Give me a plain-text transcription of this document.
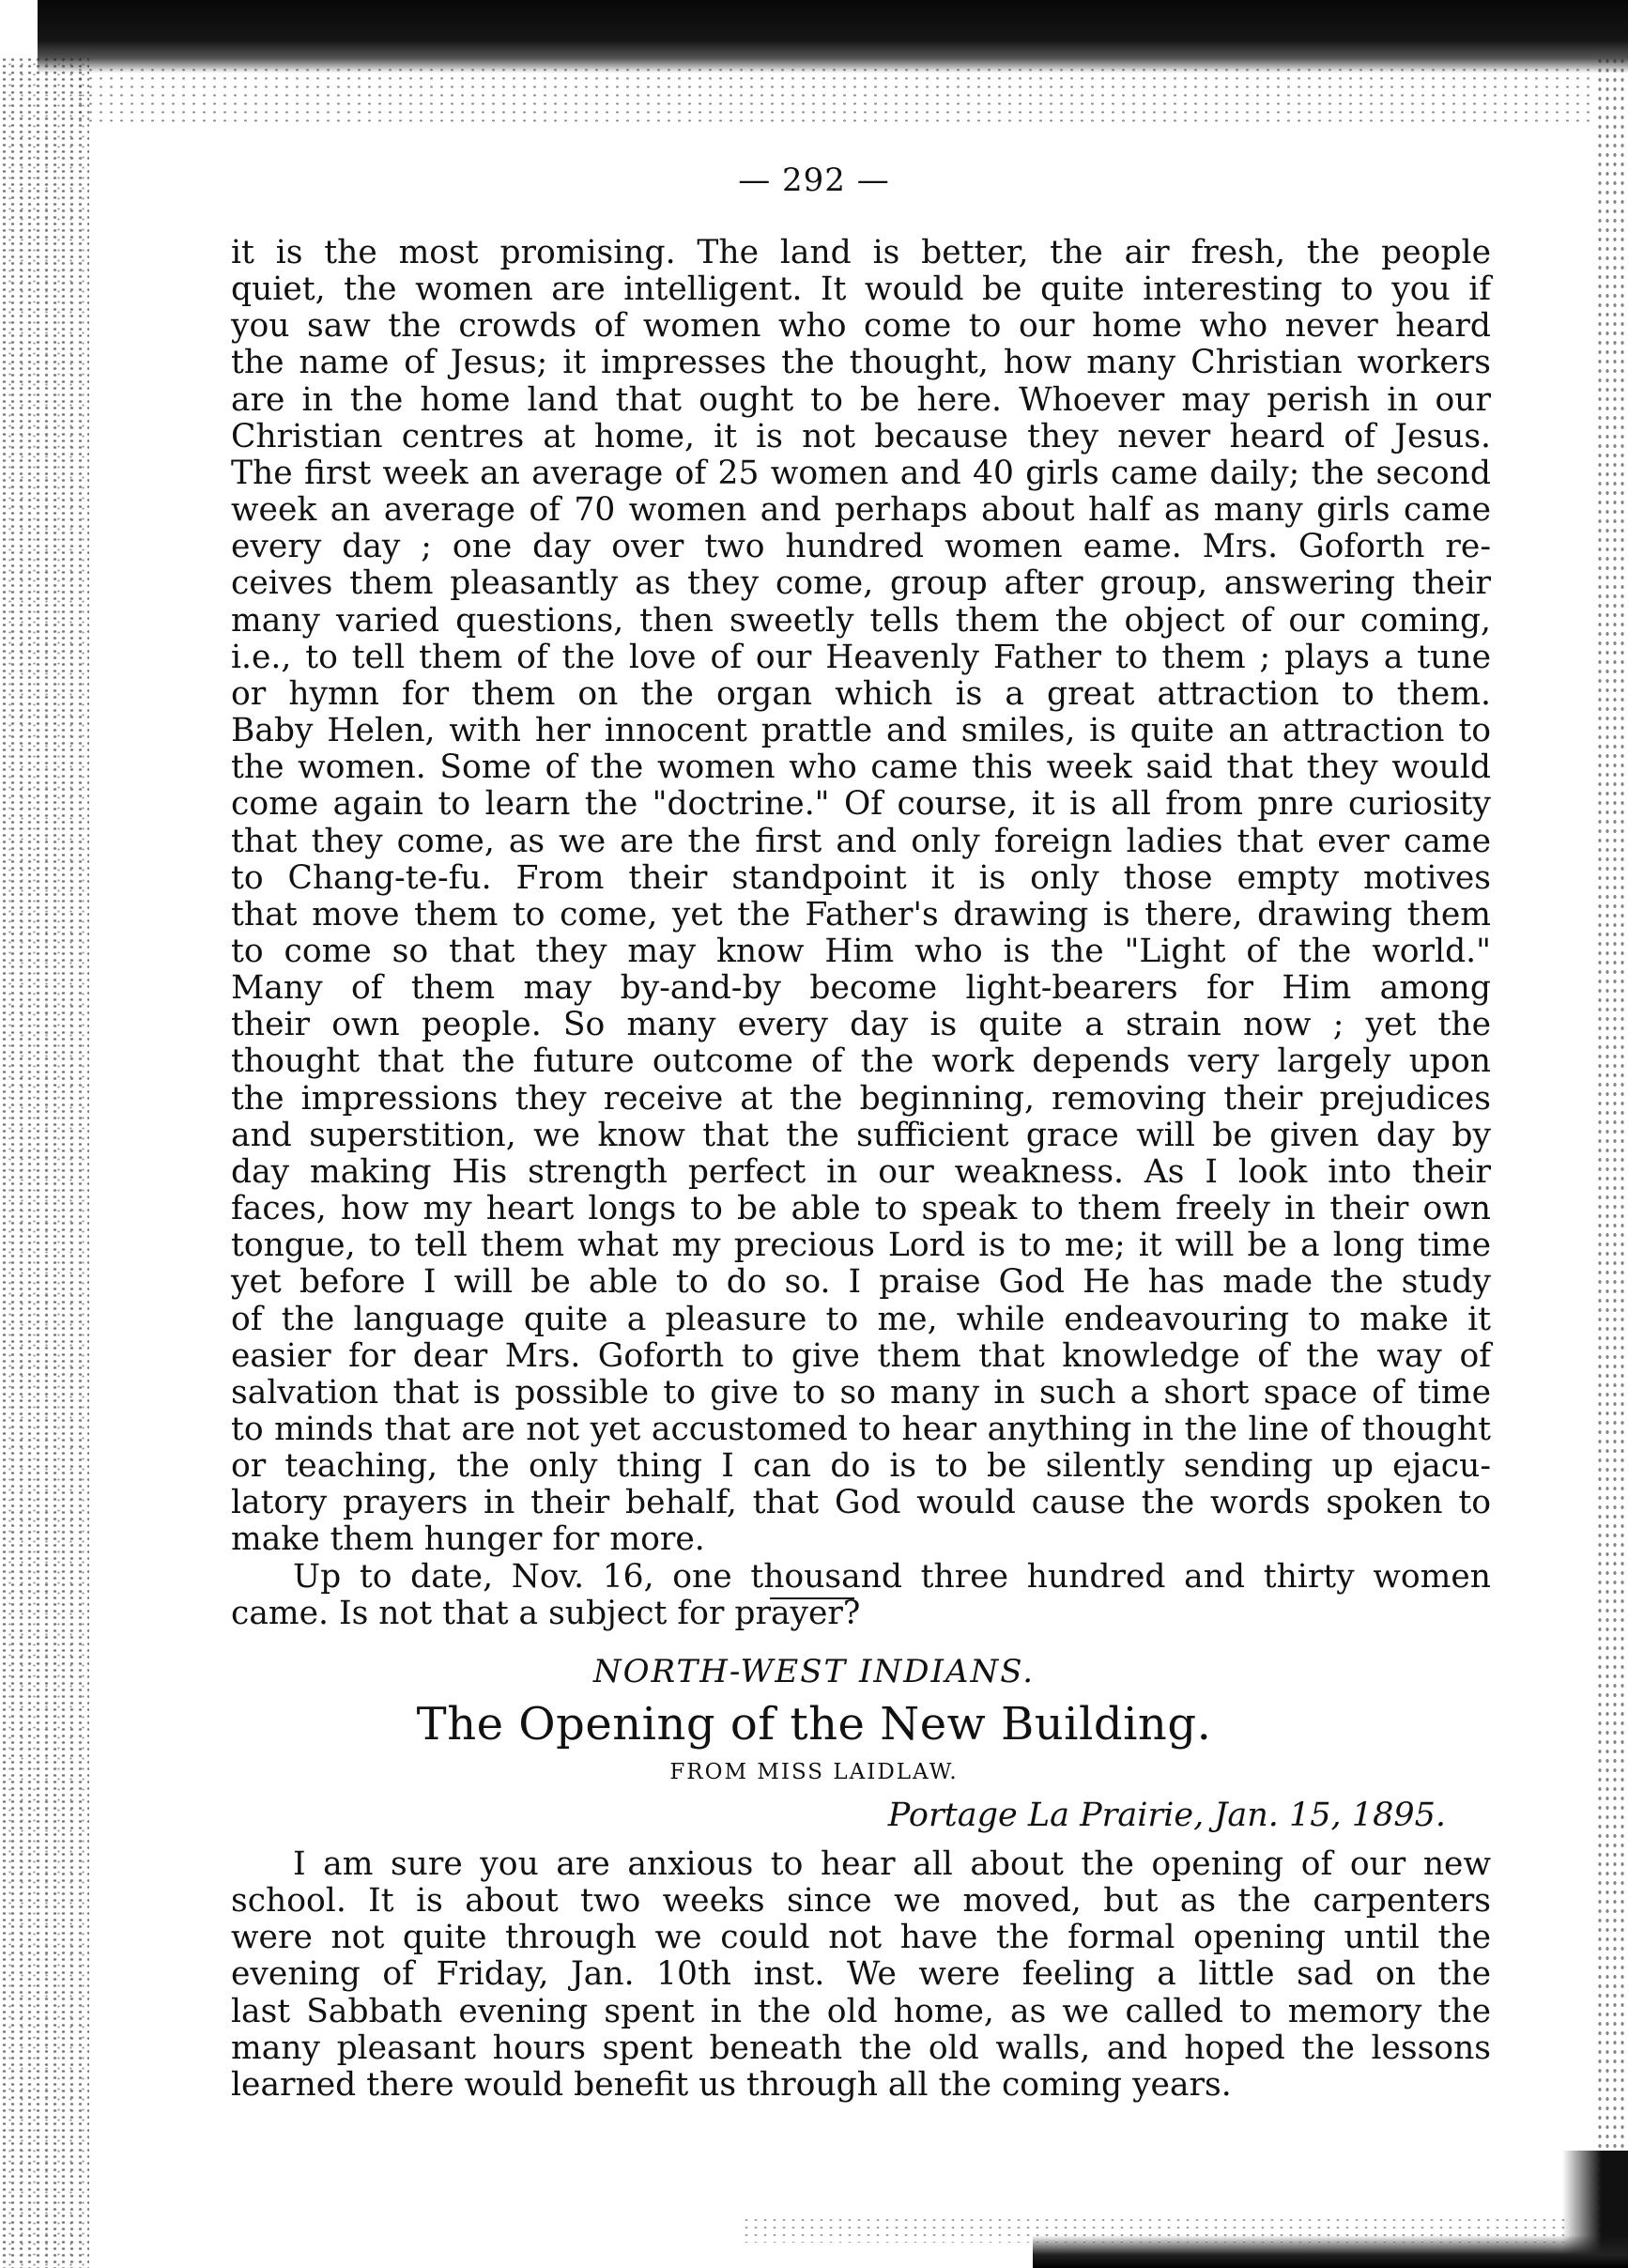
— 292 —
it is the most promising. The land is better, the air fresh, the people
quiet, the women are intelligent. It would be quite interesting to you if
you saw the crowds of women who come to our home who never heard
the name of Jesus; it impresses the thought, how many Christian workers
are in the home land that ought to be here. Whoever may perish in our
Christian centres at home, it is not because they never heard of Jesus.
The first week an average of 25 women and 40 girls came daily; the second
week an average of 70 women and perhaps about half as many girls came
every day ; one day over two hundred women eame. Mrs. Goforth re-
ceives them pleasantly as they come, group after group, answering their
many varied questions, then sweetly tells them the object of our coming,
i.e., to tell them of the love of our Heavenly Father to them ; plays a tune
or hymn for them on the organ which is a great attraction to them.
Baby Helen, with her innocent prattle and smiles, is quite an attraction to
the women. Some of the women who came this week said that they would
come again to learn the "doctrine." Of course, it is all from pnre curiosity
that they come, as we are the first and only foreign ladies that ever came
to Chang-te-fu. From their standpoint it is only those empty motives
that move them to come, yet the Father's drawing is there, drawing them
to come so that they may know Him who is the "Light of the world."
Many of them may by-and-by become light-bearers for Him among
their own people. So many every day is quite a strain now ; yet the
thought that the future outcome of the work depends very largely upon
the impressions they receive at the beginning, removing their prejudices
and superstition, we know that the sufficient grace will be given day by
day making His strength perfect in our weakness. As I look into their
faces, how my heart longs to be able to speak to them freely in their own
tongue, to tell them what my precious Lord is to me; it will be a long time
yet before I will be able to do so. I praise God He has made the study
of the language quite a pleasure to me, while endeavouring to make it
easier for dear Mrs. Goforth to give them that knowledge of the way of
salvation that is possible to give to so many in such a short space of time
to minds that are not yet accustomed to hear anything in the line of thought
or teaching, the only thing I can do is to be silently sending up ejacu-
latory prayers in their behalf, that God would cause the words spoken to
make them hunger for more.
Up to date, Nov. 16, one thousand three hundred and thirty women
came. Is not that a subject for prayer?
NORTH-WEST INDIANS.
The Opening of the New Building.
FROM MISS LAIDLAW.
Portage La Prairie, Jan. 15, 1895.
I am sure you are anxious to hear all about the opening of our new
school. It is about two weeks since we moved, but as the carpenters
were not quite through we could not have the formal opening until the
evening of Friday, Jan. 10th inst. We were feeling a little sad on the
last Sabbath evening spent in the old home, as we called to memory the
many pleasant hours spent beneath the old walls, and hoped the lessons
learned there would benefit us through all the coming years.
